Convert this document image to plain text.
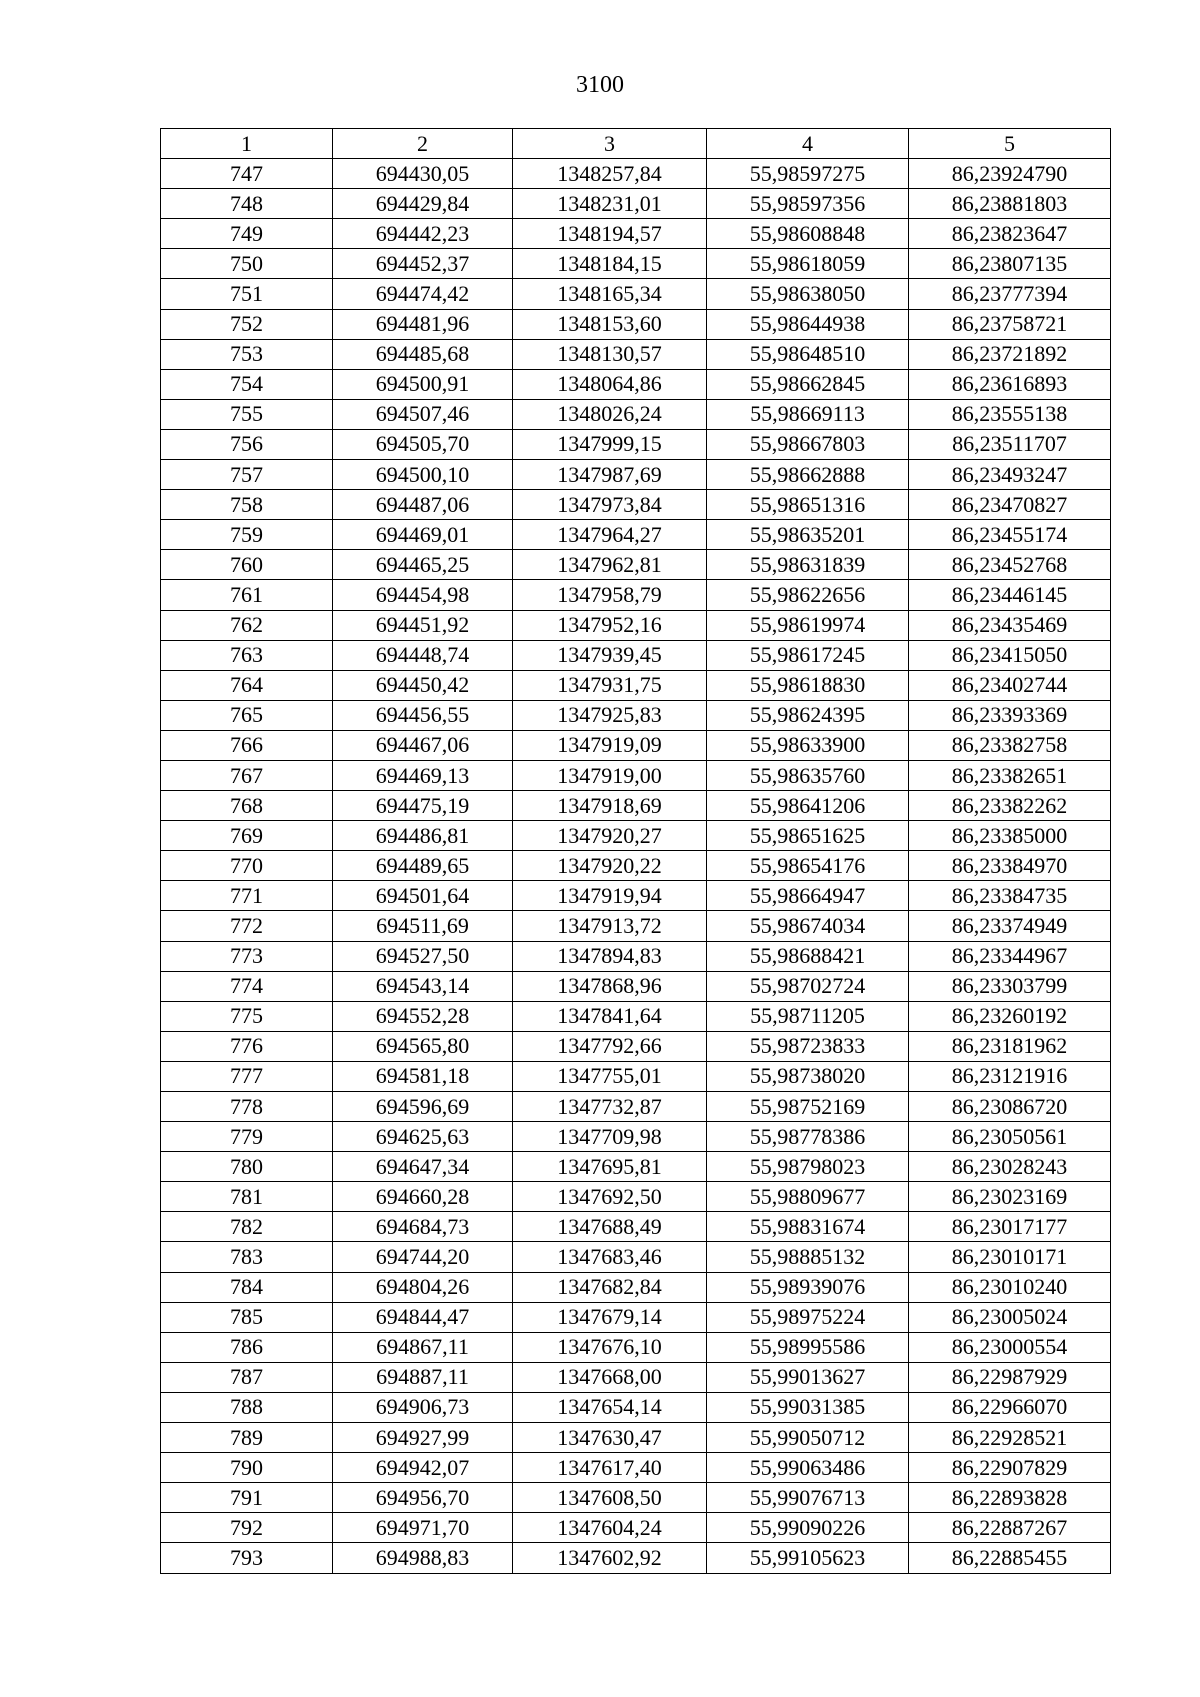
3100
1	2	3	4	5
747	694430,05	1348257,84	55,98597275	86,23924790
748	694429,84	1348231,01	55,98597356	86,23881803
749	694442,23	1348194,57	55,98608848	86,23823647
750	694452,37	1348184,15	55,98618059	86,23807135
751	694474,42	1348165,34	55,98638050	86,23777394
752	694481,96	1348153,60	55,98644938	86,23758721
753	694485,68	1348130,57	55,98648510	86,23721892
754	694500,91	1348064,86	55,98662845	86,23616893
755	694507,46	1348026,24	55,98669113	86,23555138
756	694505,70	1347999,15	55,98667803	86,23511707
757	694500,10	1347987,69	55,98662888	86,23493247
758	694487,06	1347973,84	55,98651316	86,23470827
759	694469,01	1347964,27	55,98635201	86,23455174
760	694465,25	1347962,81	55,98631839	86,23452768
761	694454,98	1347958,79	55,98622656	86,23446145
762	694451,92	1347952,16	55,98619974	86,23435469
763	694448,74	1347939,45	55,98617245	86,23415050
764	694450,42	1347931,75	55,98618830	86,23402744
765	694456,55	1347925,83	55,98624395	86,23393369
766	694467,06	1347919,09	55,98633900	86,23382758
767	694469,13	1347919,00	55,98635760	86,23382651
768	694475,19	1347918,69	55,98641206	86,23382262
769	694486,81	1347920,27	55,98651625	86,23385000
770	694489,65	1347920,22	55,98654176	86,23384970
771	694501,64	1347919,94	55,98664947	86,23384735
772	694511,69	1347913,72	55,98674034	86,23374949
773	694527,50	1347894,83	55,98688421	86,23344967
774	694543,14	1347868,96	55,98702724	86,23303799
775	694552,28	1347841,64	55,98711205	86,23260192
776	694565,80	1347792,66	55,98723833	86,23181962
777	694581,18	1347755,01	55,98738020	86,23121916
778	694596,69	1347732,87	55,98752169	86,23086720
779	694625,63	1347709,98	55,98778386	86,23050561
780	694647,34	1347695,81	55,98798023	86,23028243
781	694660,28	1347692,50	55,98809677	86,23023169
782	694684,73	1347688,49	55,98831674	86,23017177
783	694744,20	1347683,46	55,98885132	86,23010171
784	694804,26	1347682,84	55,98939076	86,23010240
785	694844,47	1347679,14	55,98975224	86,23005024
786	694867,11	1347676,10	55,98995586	86,23000554
787	694887,11	1347668,00	55,99013627	86,22987929
788	694906,73	1347654,14	55,99031385	86,22966070
789	694927,99	1347630,47	55,99050712	86,22928521
790	694942,07	1347617,40	55,99063486	86,22907829
791	694956,70	1347608,50	55,99076713	86,22893828
792	694971,70	1347604,24	55,99090226	86,22887267
793	694988,83	1347602,92	55,99105623	86,22885455
